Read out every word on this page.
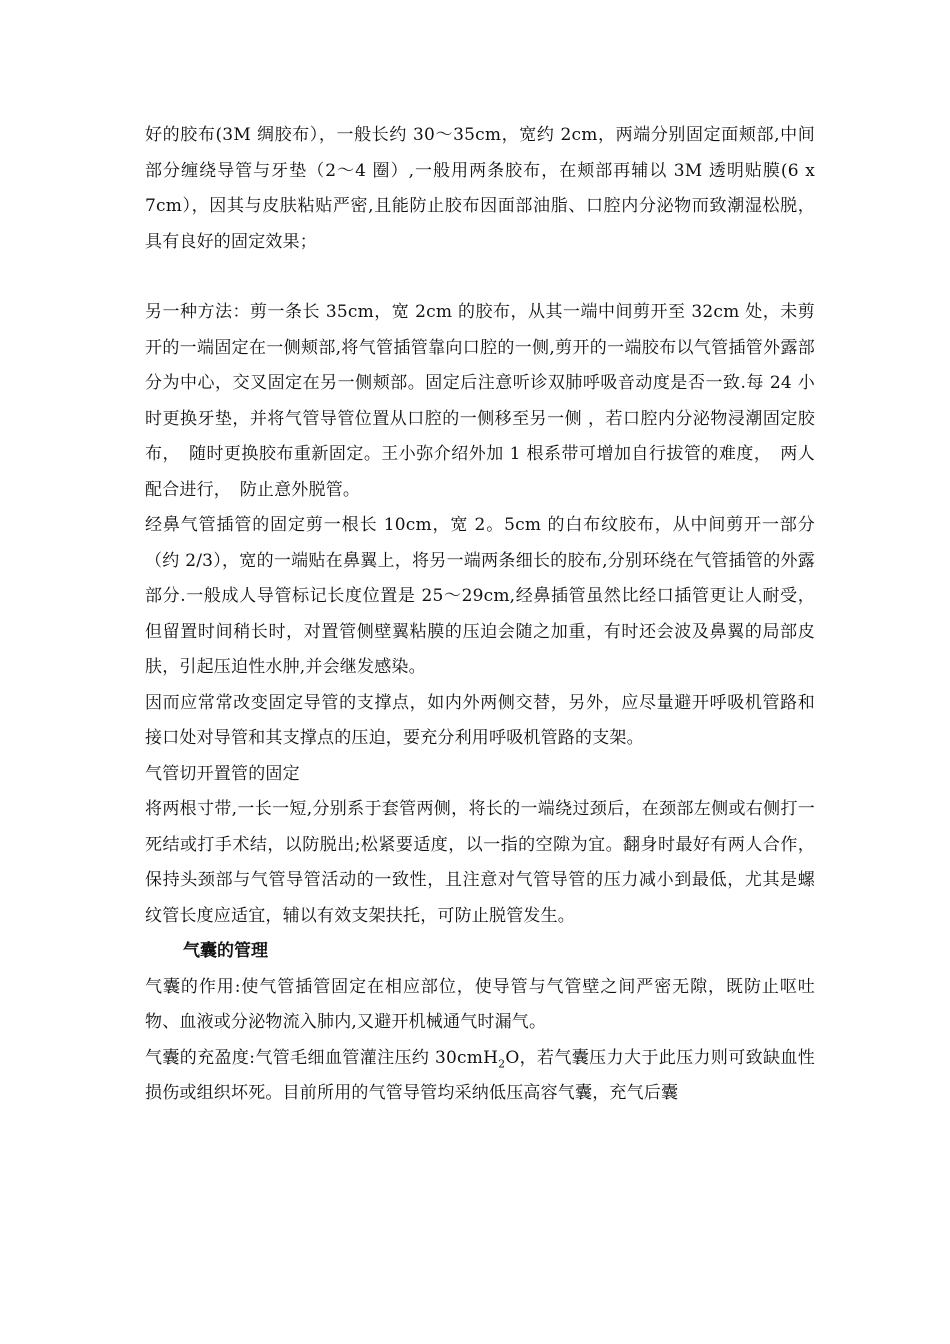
好的胶布(3M 绸胶布），一般长约 30～35cm，宽约 2cm，两端分别固定面颊部,中间部分缠绕导管与牙垫（2～4 圈）,一般用两条胶布，在颊部再辅以 3M 透明贴膜(6 x 7cm），因其与皮肤粘贴严密,且能防止胶布因面部油脂、口腔内分泌物而致潮湿松脱，具有良好的固定效果；

另一种方法：剪一条长 35cm，宽 2cm 的胶布，从其一端中间剪开至 32cm 处，未剪开的一端固定在一侧颊部,将气管插管靠向口腔的一侧,剪开的一端胶布以气管插管外露部分为中心，交叉固定在另一侧颊部。固定后注意听诊双肺呼吸音动度是否一致.每 24 小时更换牙垫，并将气管导管位置从口腔的一侧移至另一侧 ，若口腔内分泌物浸潮固定胶布，　随时更换胶布重新固定。王小弥介绍外加 1 根系带可增加自行拔管的难度，　两人配合进行，　防止意外脱管。

经鼻气管插管的固定剪一根长 10cm，宽 2。5cm 的白布纹胶布，从中间剪开一部分（约 2/3），宽的一端贴在鼻翼上，将另一端两条细长的胶布,分别环绕在气管插管的外露部分.一般成人导管标记长度位置是 25～29cm,经鼻插管虽然比经口插管更让人耐受，但留置时间稍长时，对置管侧壁翼粘膜的压迫会随之加重，有时还会波及鼻翼的局部皮肤，引起压迫性水肿,并会继发感染。

因而应常常改变固定导管的支撑点，如内外两侧交替，另外，应尽量避开呼吸机管路和接口处对导管和其支撑点的压迫，要充分利用呼吸机管路的支架。

气管切开置管的固定

将两根寸带,一长一短,分别系于套管两侧，将长的一端绕过颈后，在颈部左侧或右侧打一死结或打手术结，以防脱出;松紧要适度，以一指的空隙为宜。翻身时最好有两人合作，保持头颈部与气管导管活动的一致性，且注意对气管导管的压力减小到最低，尤其是螺纹管长度应适宜，辅以有效支架扶托，可防止脱管发生。

气囊的管理

气囊的作用:使气管插管固定在相应部位，使导管与气管壁之间严密无隙，既防止呕吐物、血液或分泌物流入肺内,又避开机械通气时漏气。

气囊的充盈度:气管毛细血管灌注压约 30cmH$_2$O，若气囊压力大于此压力则可致缺血性损伤或组织坏死。目前所用的气管导管均采纳低压高容气囊，充气后囊
